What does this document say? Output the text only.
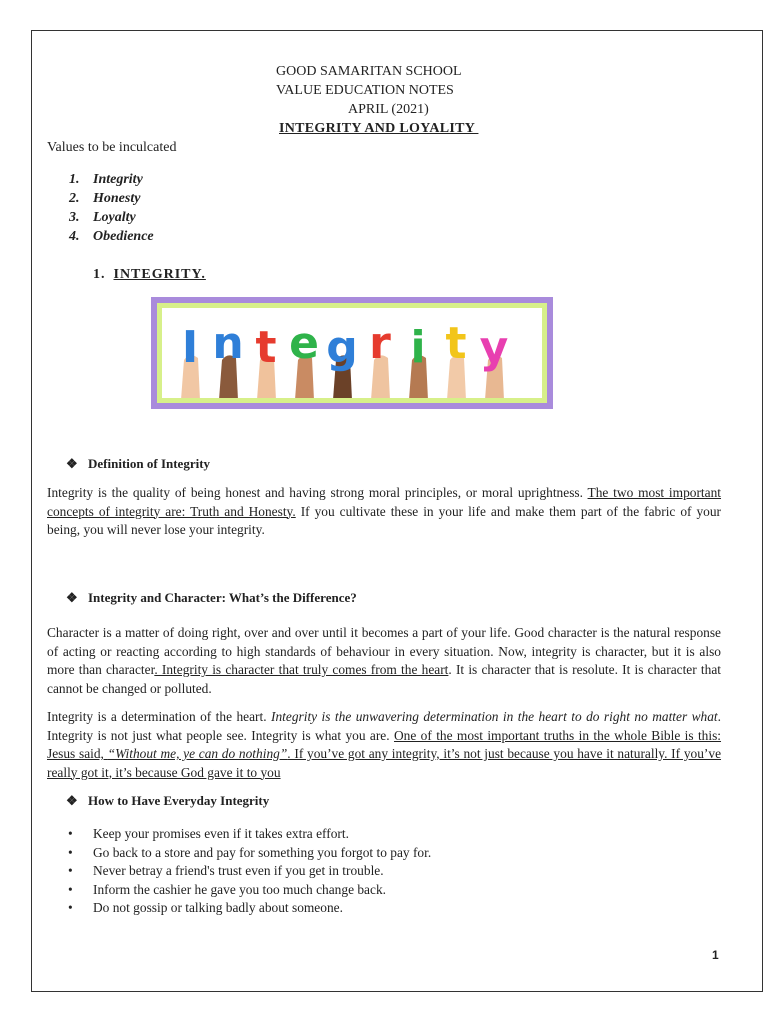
GOOD SAMARITAN SCHOOL
VALUE EDUCATION NOTES
APRIL (2021)
INTEGRITY AND LOYALITY
Values to be inculcated
1. Integrity
2. Honesty
3. Loyalty
4. Obedience
1. INTEGRITY.
I n t e g r i t y
❖ Definition of Integrity
Integrity is the quality of being honest and having strong moral principles, or moral uprightness. The two most important concepts of integrity are: Truth and Honesty. If you cultivate these in your life and make them part of the fabric of your being, you will never lose your integrity.
❖ Integrity and Character: What’s the Difference?
Character is a matter of doing right, over and over until it becomes a part of your life. Good character is the natural response of acting or reacting according to high standards of behaviour in every situation. Now, integrity is character, but it is also more than character. Integrity is character that truly comes from the heart. It is character that is resolute. It is character that cannot be changed or polluted.
Integrity is a determination of the heart. Integrity is the unwavering determination in the heart to do right no matter what. Integrity is not just what people see. Integrity is what you are. One of the most important truths in the whole Bible is this: Jesus said, “Without me, ye can do nothing”. If you’ve got any integrity, it’s not just because you have it naturally. If you’ve really got it, it’s because God gave it to you
❖ How to Have Everyday Integrity
• Keep your promises even if it takes extra effort.
• Go back to a store and pay for something you forgot to pay for.
• Never betray a friend's trust even if you get in trouble.
• Inform the cashier he gave you too much change back.
• Do not gossip or talking badly about someone.
1
